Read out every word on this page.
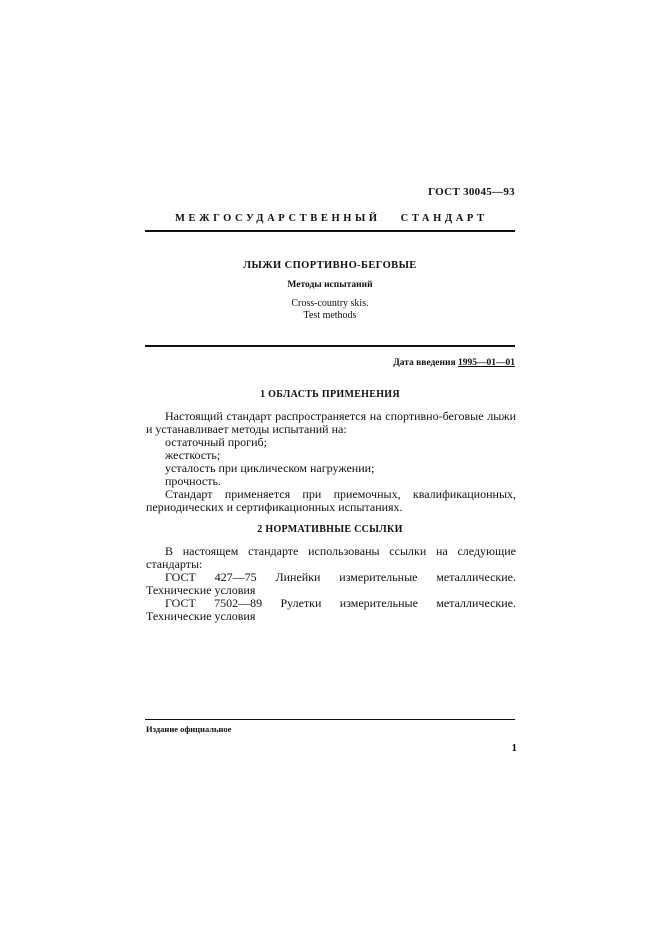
ГОСТ 30045—93
МЕЖГОСУДАРСТВЕННЫЙ СТАНДАРТ
ЛЫЖИ СПОРТИВНО-БЕГОВЫЕ
Методы испытаний
Cross-country skis.
Test methods
Дата введения 1995—01—01
1 ОБЛАСТЬ ПРИМЕНЕНИЯ
Настоящий стандарт распространяется на спортивно-беговые лыжи и устанавливает методы испытаний на:
остаточный прогиб;
жесткость;
усталость при циклическом нагружении;
прочность.
Стандарт применяется при приемочных, квалификационных, периодических и сертификационных испытаниях.
2 НОРМАТИВНЫЕ ССЫЛКИ
В настоящем стандарте использованы ссылки на следующие стандарты:
ГОСТ 427—75 Линейки измерительные металлические. Технические условия
ГОСТ 7502—89 Рулетки измерительные металлические. Технические условия
Издание официальное
1
